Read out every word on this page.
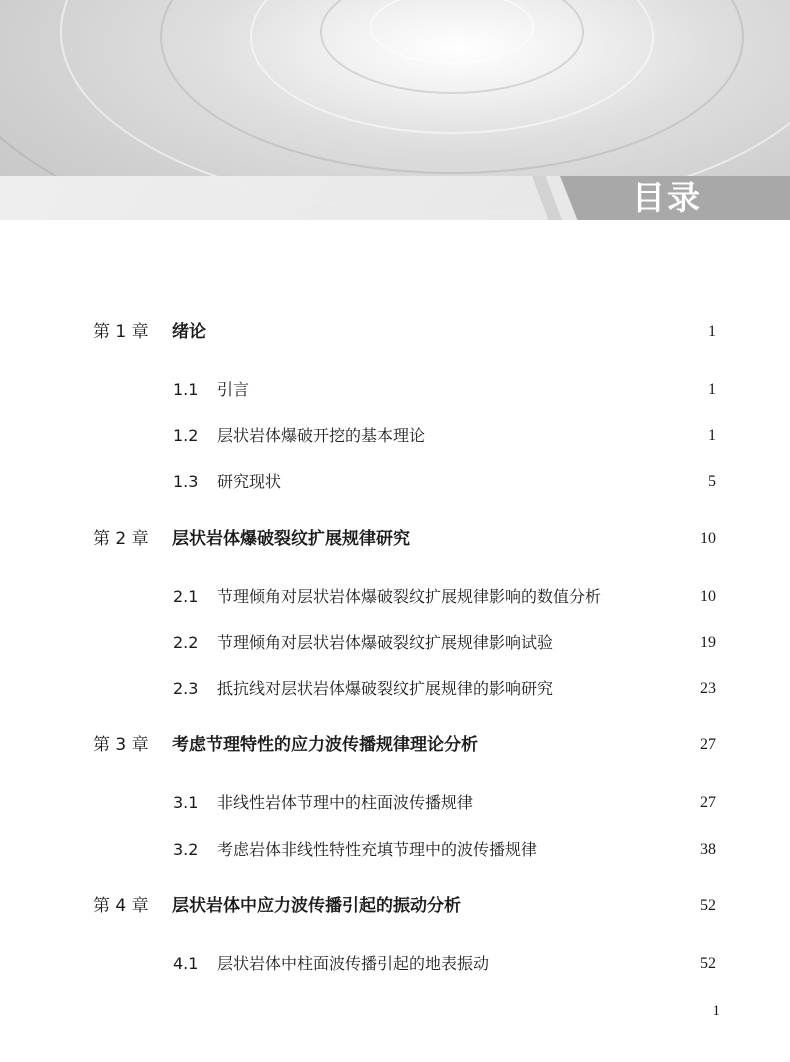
目录
第 1 章 绪论	1
1.1 引言	1
1.2 层状岩体爆破开挖的基本理论	1
1.3 研究现状	5
第 2 章 层状岩体爆破裂纹扩展规律研究	10
2.1 节理倾角对层状岩体爆破裂纹扩展规律影响的数值分析	10
2.2 节理倾角对层状岩体爆破裂纹扩展规律影响试验	19
2.3 抵抗线对层状岩体爆破裂纹扩展规律的影响研究	23
第 3 章 考虑节理特性的应力波传播规律理论分析	27
3.1 非线性岩体节理中的柱面波传播规律	27
3.2 考虑岩体非线性特性充填节理中的波传播规律	38
第 4 章 层状岩体中应力波传播引起的振动分析	52
4.1 层状岩体中柱面波传播引起的地表振动	52
1
